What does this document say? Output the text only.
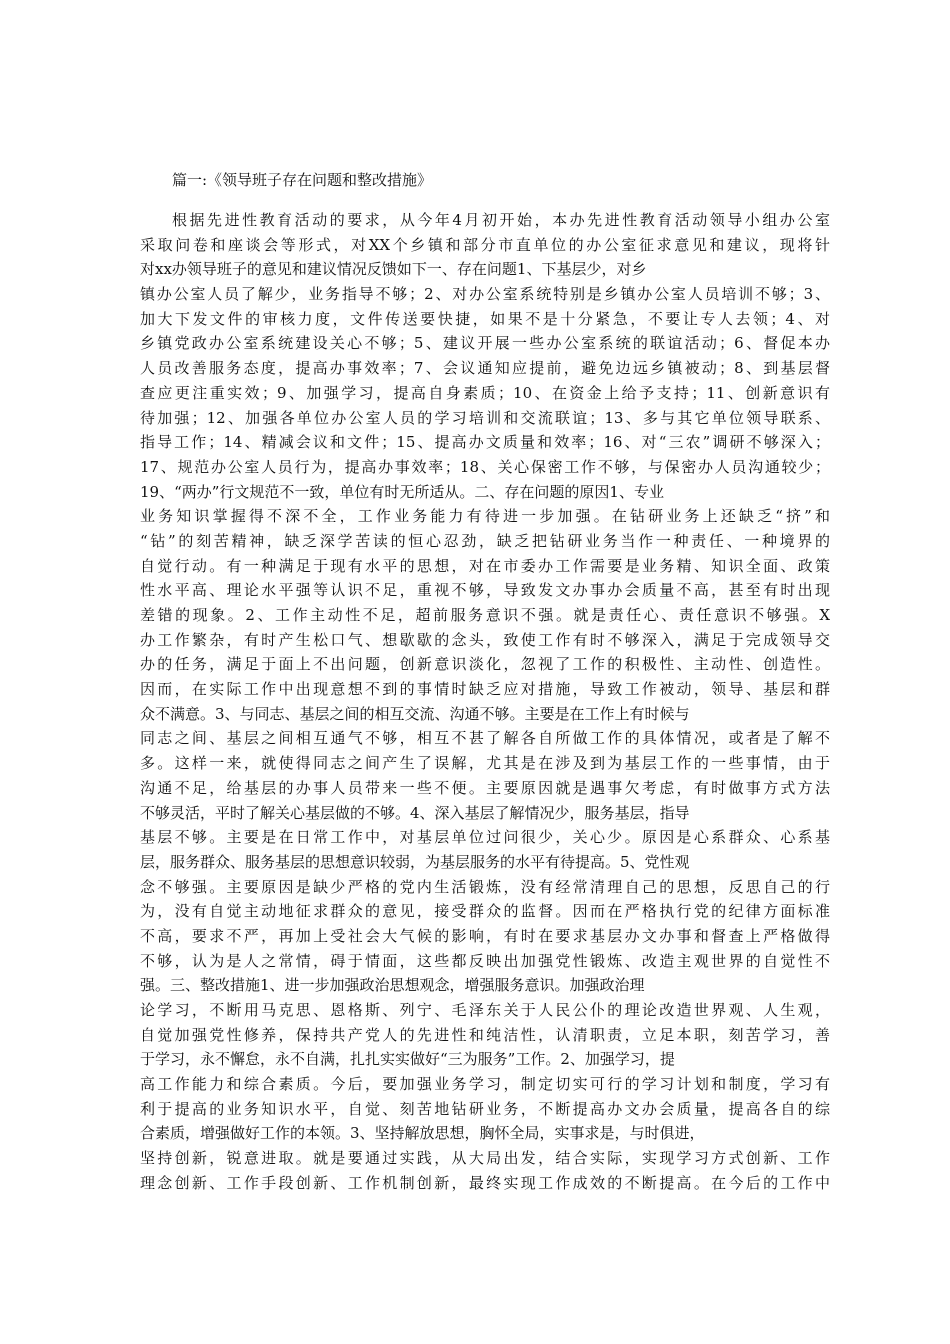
篇一:《领导班子存在问题和整改措施》
根据先进性教育活动的要求，从今年4月初开始，本办先进性教育活动领导小组办公室
采取问卷和座谈会等形式，对XX个乡镇和部分市直单位的办公室征求意见和建议，现将针
对xx办领导班子的意见和建议情况反馈如下一、存在问题1、下基层少，对乡
镇办公室人员了解少，业务指导不够；2、对办公室系统特别是乡镇办公室人员培训不够；3、
加大下发文件的审核力度，文件传送要快捷，如果不是十分紧急，不要让专人去领；4、对
乡镇党政办公室系统建设关心不够；5、建议开展一些办公室系统的联谊活动；6、督促本办
人员改善服务态度，提高办事效率；7、会议通知应提前，避免边远乡镇被动；8、到基层督
查应更注重实效；9、加强学习，提高自身素质；10、在资金上给予支持；11、创新意识有
待加强；12、加强各单位办公室人员的学习培训和交流联谊；13、多与其它单位领导联系、
指导工作；14、精减会议和文件；15、提高办文质量和效率；16、对“三农”调研不够深入；
17、规范办公室人员行为，提高办事效率；18、关心保密工作不够，与保密办人员沟通较少；
19、“两办”行文规范不一致，单位有时无所适从。二、存在问题的原因1、专业
业务知识掌握得不深不全，工作业务能力有待进一步加强。在钻研业务上还缺乏“挤”和
“钻”的刻苦精神，缺乏深学苦读的恒心忍劲，缺乏把钻研业务当作一种责任、一种境界的
自觉行动。有一种满足于现有水平的思想，对在市委办工作需要是业务精、知识全面、政策
性水平高、理论水平强等认识不足，重视不够，导致发文办事办会质量不高，甚至有时出现
差错的现象。2、工作主动性不足，超前服务意识不强。就是责任心、责任意识不够强。X
办工作繁杂，有时产生松口气、想歇歇的念头，致使工作有时不够深入，满足于完成领导交
办的任务，满足于面上不出问题，创新意识淡化，忽视了工作的积极性、主动性、创造性。
因而，在实际工作中出现意想不到的事情时缺乏应对措施，导致工作被动，领导、基层和群
众不满意。3、与同志、基层之间的相互交流、沟通不够。主要是在工作上有时候与
同志之间、基层之间相互通气不够，相互不甚了解各自所做工作的具体情况，或者是了解不
多。这样一来，就使得同志之间产生了误解，尤其是在涉及到为基层工作的一些事情，由于
沟通不足，给基层的办事人员带来一些不便。主要原因就是遇事欠考虑，有时做事方式方法
不够灵活，平时了解关心基层做的不够。4、深入基层了解情况少，服务基层，指导
基层不够。主要是在日常工作中，对基层单位过问很少，关心少。原因是心系群众、心系基
层，服务群众、服务基层的思想意识较弱，为基层服务的水平有待提高。5、党性观
念不够强。主要原因是缺少严格的党内生活锻炼，没有经常清理自己的思想，反思自己的行
为，没有自觉主动地征求群众的意见，接受群众的监督。因而在严格执行党的纪律方面标准
不高，要求不严，再加上受社会大气候的影响，有时在要求基层办文办事和督查上严格做得
不够，认为是人之常情，碍于情面，这些都反映出加强党性锻炼、改造主观世界的自觉性不
强。三、整改措施1、进一步加强政治思想观念，增强服务意识。加强政治理
论学习，不断用马克思、恩格斯、列宁、毛泽东关于人民公仆的理论改造世界观、人生观，
自觉加强党性修养，保持共产党人的先进性和纯洁性，认清职责，立足本职，刻苦学习，善
于学习，永不懈怠，永不自满，扎扎实实做好“三为服务”工作。2、加强学习，提
高工作能力和综合素质。今后，要加强业务学习，制定切实可行的学习计划和制度，学习有
利于提高的业务知识水平，自觉、刻苦地钻研业务，不断提高办文办会质量，提高各自的综
合素质，增强做好工作的本领。3、坚持解放思想，胸怀全局，实事求是，与时俱进，
坚持创新，锐意进取。就是要通过实践，从大局出发，结合实际，实现学习方式创新、工作
理念创新、工作手段创新、工作机制创新，最终实现工作成效的不断提高。在今后的工作中
